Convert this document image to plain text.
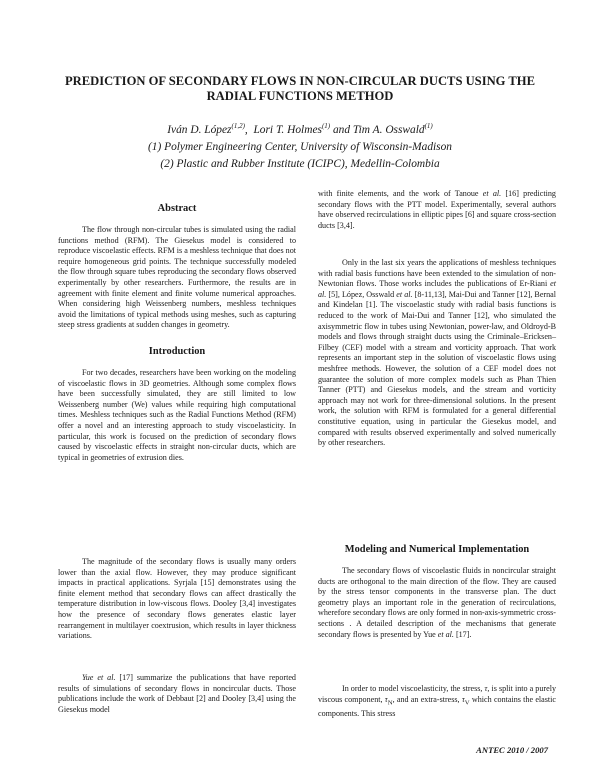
PREDICTION OF SECONDARY FLOWS IN NON-CIRCULAR DUCTS USING THE RADIAL FUNCTIONS METHOD
Iván D. López$^{(1,2)}$,  Lori T. Holmes$^{(1)}$ and Tim A. Osswald$^{(1)}$
(1) Polymer Engineering Center, University of Wisconsin-Madison
(2) Plastic and Rubber Institute (ICIPC), Medellin-Colombia
Abstract

The flow through non-circular tubes is simulated using the radial functions method (RFM). The Giesekus model is considered to reproduce viscoelastic effects. RFM is a meshless technique that does not require homogeneous grid points. The technique successfully modeled the flow through square tubes reproducing the secondary flows observed experimentally by other researchers. Furthermore, the results are in agreement with finite element and finite volume numerical approaches. When considering high Weissenberg numbers, meshless techniques avoid the limitations of typical methods using meshes, such as capturing steep stress gradients at sudden changes in geometry.

Introduction

For two decades, researchers have been working on the modeling of viscoelastic flows in 3D geometries. Although some complex flows have been successfully simulated, they are still limited to low Weissenberg number (We) values while requiring high computational times. Meshless techniques such as the Radial Functions Method (RFM) offer a novel and an interesting approach to study viscoelasticity. In particular, this work is focused on the prediction of secondary flows caused by viscoelastic effects in straight non-circular ducts, which are typical in geometries of extrusion dies.

The magnitude of the secondary flows is usually many orders lower than the axial flow. However, they may produce significant impacts in practical applications. Syrjala [15] demonstrates using the finite element method that secondary flows can affect drastically the temperature distribution in low-viscous flows. Dooley [3,4] investigates how the presence of secondary flows generates elastic layer rearrangement in multilayer coextrusion, which results in layer thickness variations.

Yue et al. [17] summarize the publications that have reported results of simulations of secondary flows in noncircular ducts. Those publications include the work of Debbaut [2] and Dooley [3,4] using the Giesekus model

with finite elements, and the work of Tanoue et al. [16] predicting secondary flows with the PTT model. Experimentally, several authors have observed recirculations in elliptic pipes [6] and square cross-section ducts [3,4].

Only in the last six years the applications of meshless techniques with radial basis functions have been extended to the simulation of non-Newtonian flows. Those works includes the publications of Er-Riani et al. [5], López, Osswald et al. [8-11,13], Mai-Dui and Tanner [12], Bernal and Kindelan [1]. The viscoelastic study with radial basis functions is reduced to the work of Mai-Dui and Tanner [12], who simulated the axisymmetric flow in tubes using Newtonian, power-law, and Oldroyd-B models and flows through straight ducts using the Criminale–Ericksen–Filbey (CEF) model with a stream and vorticity approach. That work represents an important step in the solution of viscoelastic flows using meshfree methods. However, the solution of a CEF model does not guarantee the solution of more complex models such as Phan Thien Tanner (PTT) and Giesekus models, and the stream and vorticity approach may not work for three-dimensional solutions. In the present work, the solution with RFM is formulated for a general differential constitutive equation, using in particular the Giesekus model, and compared with results observed experimentally and solved numerically by other researchers.

Modeling and Numerical Implementation

The secondary flows of viscoelastic fluids in noncircular straight ducts are orthogonal to the main direction of the flow. They are caused by the stress tensor components in the transverse plan. The duct geometry plays an important role in the generation of recirculations, wherefore secondary flows are only formed in non-axis-symmetric cross-sections . A detailed description of the mechanisms that generate secondary flows is presented by Yue et al. [17].

In order to model viscoelasticity, the stress, τ, is split into a purely viscous component, $\tau_N$, and an extra-stress, $\tau_V$ which contains the elastic components. This stress

ANTEC 2010 / 2007
